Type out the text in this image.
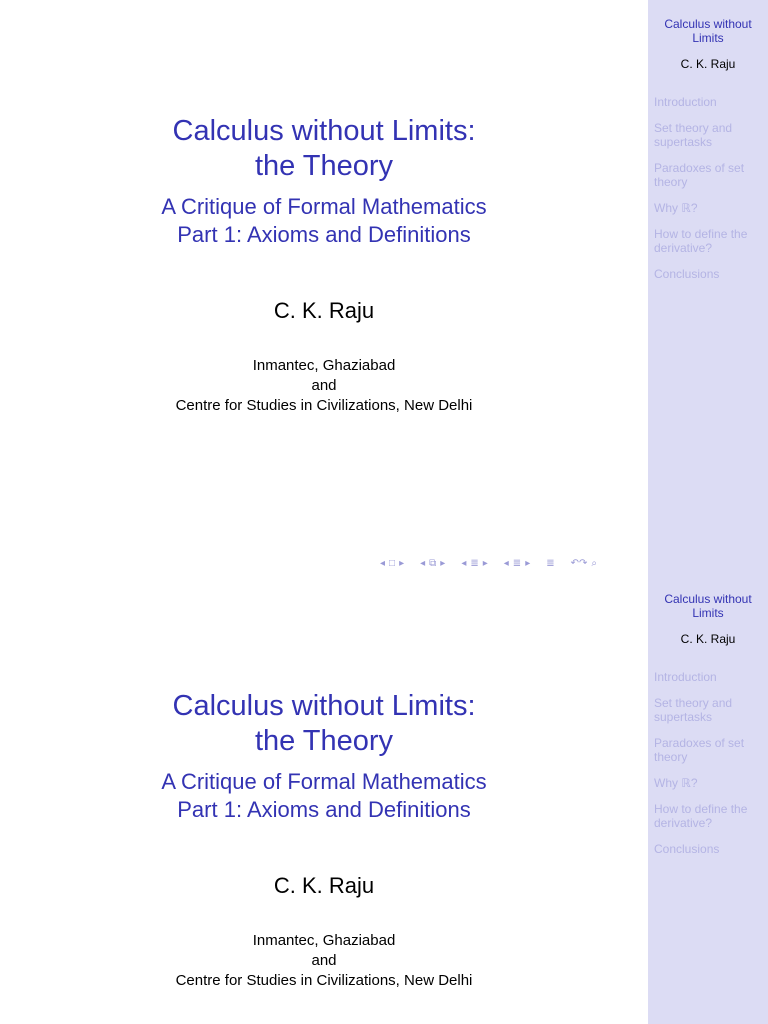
Calculus without Limits:
the Theory
A Critique of Formal Mathematics
Part 1: Axioms and Definitions
C. K. Raju
Inmantec, Ghaziabad
and
Centre for Studies in Civilizations, New Delhi
◂ □ ▸ ◂ ⧉ ▸ ◂ ≣ ▸ ◂ ≣ ▸ ≣ ↶↷ ⌕
Calculus without Limits
C. K. Raju
Introduction
Set theory and supertasks
Paradoxes of set theory
Why ℝ?
How to define the derivative?
Conclusions
Calculus without Limits:
the Theory
A Critique of Formal Mathematics
Part 1: Axioms and Definitions
C. K. Raju
Inmantec, Ghaziabad
and
Centre for Studies in Civilizations, New Delhi
Calculus without Limits
C. K. Raju
Introduction
Set theory and supertasks
Paradoxes of set theory
Why ℝ?
How to define the derivative?
Conclusions
